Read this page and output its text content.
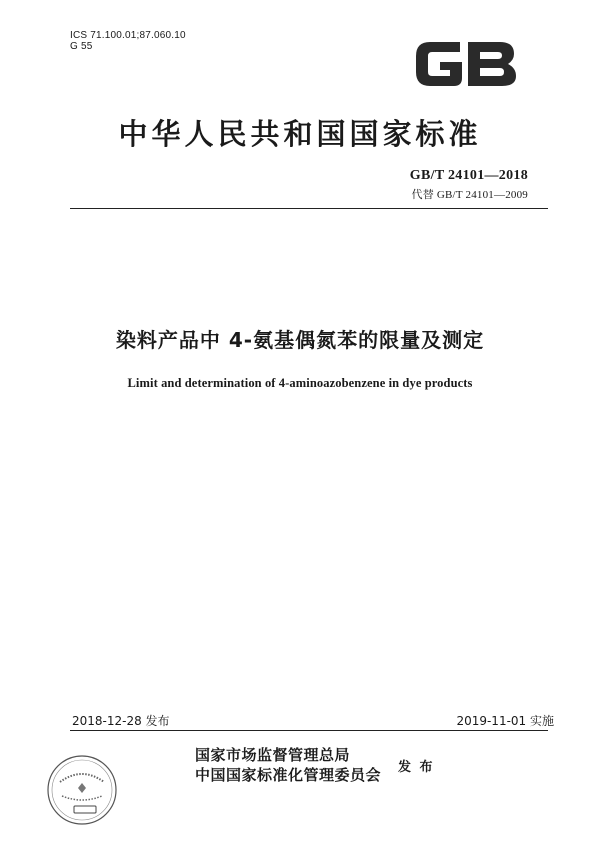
ICS 71.100.01;87.060.10
G 55
中华人民共和国国家标准
GB/T 24101—2018
代替 GB/T 24101—2009
染料产品中 4-氨基偶氮苯的限量及测定
Limit and determination of 4-aminoazobenzene in dye products
2018-12-28 发布	2019-11-01 实施
国家市场监督管理总局
中国国家标准化管理委员会 发 布
